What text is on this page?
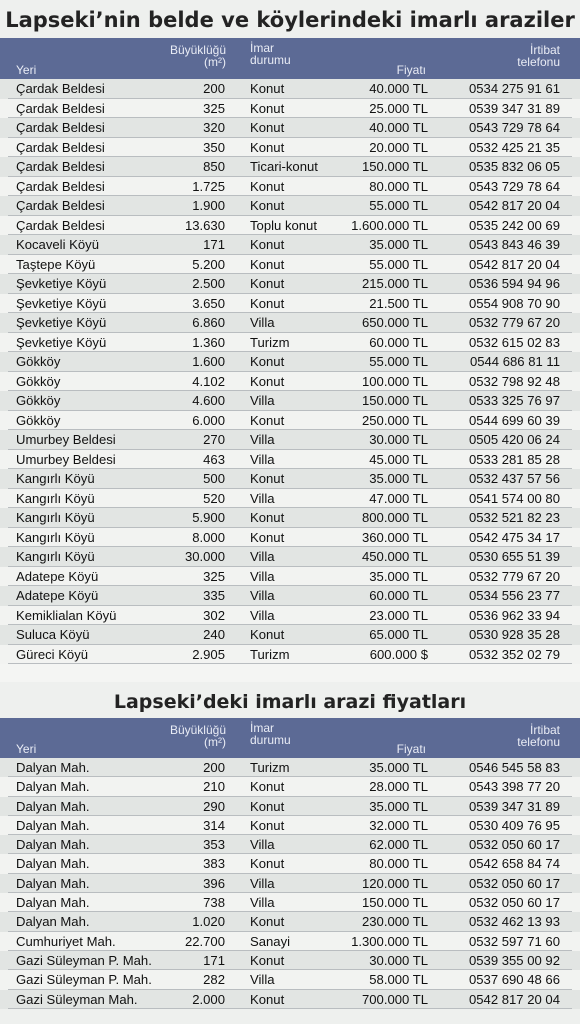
Lapseki’nin belde ve köylerindeki imarlı araziler
Yeri
Büyüklüğü
(m²)
İmar
durumu
Fiyatı
İrtibat
telefonu
Çardak Beldesi	200 Konut	40.000 TL	0534 275 91 61
Çardak Beldesi	325 Konut	25.000 TL	0539 347 31 89
Çardak Beldesi	320 Konut	40.000 TL	0543 729 78 64
Çardak Beldesi	350 Konut	20.000 TL	0532 425 21 35
Çardak Beldesi	850 Ticari-konut	150.000 TL	0535 832 06 05
Çardak Beldesi	1.725 Konut	80.000 TL	0543 729 78 64
Çardak Beldesi	1.900 Konut	55.000 TL	0542 817 20 04
Çardak Beldesi	13.630 Toplu konut	1.600.000 TL	0535 242 00 69
Kocaveli Köyü	171 Konut	35.000 TL	0543 843 46 39
Taştepe Köyü	5.200 Konut	55.000 TL	0542 817 20 04
Şevketiye Köyü	2.500 Konut	215.000 TL	0536 594 94 96
Şevketiye Köyü	3.650 Konut	21.500 TL	0554 908 70 90
Şevketiye Köyü	6.860 Villa	650.000 TL	0532 779 67 20
Şevketiye Köyü	1.360 Turizm	60.000 TL	0532 615 02 83
Gökköy	1.600 Konut	55.000 TL	0544 686 81 11
Gökköy	4.102 Konut	100.000 TL	0532 798 92 48
Gökköy	4.600 Villa	150.000 TL	0533 325 76 97
Gökköy	6.000 Konut	250.000 TL	0544 699 60 39
Umurbey Beldesi	270 Villa	30.000 TL	0505 420 06 24
Umurbey Beldesi	463 Villa	45.000 TL	0533 281 85 28
Kangırlı Köyü	500 Konut	35.000 TL	0532 437 57 56
Kangırlı Köyü	520 Villa	47.000 TL	0541 574 00 80
Kangırlı Köyü	5.900 Konut	800.000 TL	0532 521 82 23
Kangırlı Köyü	8.000 Konut	360.000 TL	0542 475 34 17
Kangırlı Köyü	30.000 Villa	450.000 TL	0530 655 51 39
Adatepe Köyü	325 Villa	35.000 TL	0532 779 67 20
Adatepe Köyü	335 Villa	60.000 TL	0534 556 23 77
Kemiklialan Köyü	302 Villa	23.000 TL	0536 962 33 94
Suluca Köyü	240 Konut	65.000 TL	0530 928 35 28
Güreci Köyü	2.905 Turizm	600.000 $	0532 352 02 79
Lapseki’deki imarlı arazi fiyatları
Yeri
Büyüklüğü
(m²)
İmar
durumu
Fiyatı
İrtibat
telefonu
Dalyan Mah.	200 Turizm	35.000 TL	0546 545 58 83
Dalyan Mah.	210 Konut	28.000 TL	0543 398 77 20
Dalyan Mah.	290 Konut	35.000 TL	0539 347 31 89
Dalyan Mah.	314 Konut	32.000 TL	0530 409 76 95
Dalyan Mah.	353 Villa	62.000 TL	0532 050 60 17
Dalyan Mah.	383 Konut	80.000 TL	0542 658 84 74
Dalyan Mah.	396 Villa	120.000 TL	0532 050 60 17
Dalyan Mah.	738 Villa	150.000 TL	0532 050 60 17
Dalyan Mah.	1.020 Konut	230.000 TL	0532 462 13 93
Cumhuriyet Mah.	22.700 Sanayi	1.300.000 TL	0532 597 71 60
Gazi Süleyman P. Mah.	171 Konut	30.000 TL	0539 355 00 92
Gazi Süleyman P. Mah.	282 Villa	58.000 TL	0537 690 48 66
Gazi Süleyman Mah.	2.000 Konut	700.000 TL	0542 817 20 04
